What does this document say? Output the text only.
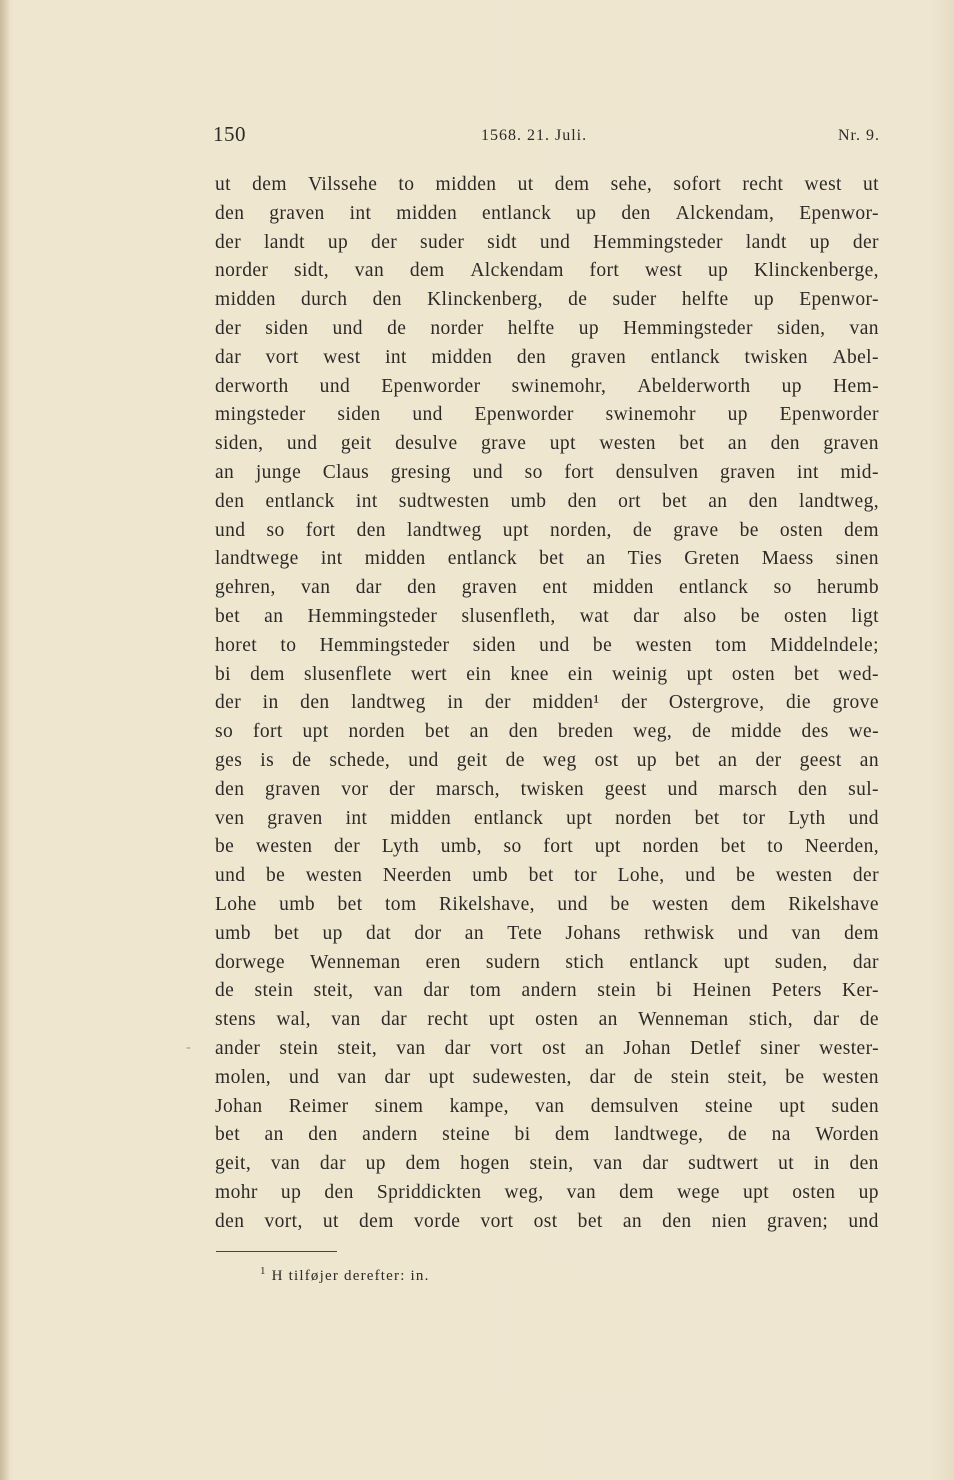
150	1568. 21. Juli.	Nr. 9.
ut dem Vilssehe to midden ut dem sehe, sofort recht west ut
den graven int midden entlanck up den Alckendam, Epenwor-
der landt up der suder sidt und Hemmingsteder landt up der
norder sidt, van dem Alckendam fort west up Klinckenberge,
midden durch den Klinckenberg, de suder helfte up Epenwor-
der siden und de norder helfte up Hemmingsteder siden, van
dar vort west int midden den graven entlanck twisken Abel-
derworth und Epenworder swinemohr, Abelderworth up Hem-
mingsteder siden und Epenworder swinemohr up Epenworder
siden, und geit desulve grave upt westen bet an den graven
an junge Claus gresing und so fort densulven graven int mid-
den entlanck int sudtwesten umb den ort bet an den landtweg,
und so fort den landtweg upt norden, de grave be osten dem
landtwege int midden entlanck bet an Ties Greten Maess sinen
gehren, van dar den graven ent midden entlanck so herumb
bet an Hemmingsteder slusenfleth, wat dar also be osten ligt
horet to Hemmingsteder siden und be westen tom Middelndele;
bi dem slusenflete wert ein knee ein weinig upt osten bet wed-
der in den landtweg in der midden¹ der Ostergrove, die grove
so fort upt norden bet an den breden weg, de midde des we-
ges is de schede, und geit de weg ost up bet an der geest an
den graven vor der marsch, twisken geest und marsch den sul-
ven graven int midden entlanck upt norden bet tor Lyth und
be westen der Lyth umb, so fort upt norden bet to Neerden,
und be westen Neerden umb bet tor Lohe, und be westen der
Lohe umb bet tom Rikelshave, und be westen dem Rikelshave
umb bet up dat dor an Tete Johans rethwisk und van dem
dorwege Wenneman eren sudern stich entlanck upt suden, dar
de stein steit, van dar tom andern stein bi Heinen Peters Ker-
stens wal, van dar recht upt osten an Wenneman stich, dar de
ander stein steit, van dar vort ost an Johan Detlef siner wester-
molen, und van dar upt sudewesten, dar de stein steit, be westen
Johan Reimer sinem kampe, van demsulven steine upt suden
bet an den andern steine bi dem landtwege, de na Worden
geit, van dar up dem hogen stein, van dar sudtwert ut in den
mohr up den Spriddickten weg, van dem wege upt osten up
den vort, ut dem vorde vort ost bet an den nien graven; und
-
$^1$ H tilføjer derefter: in.
